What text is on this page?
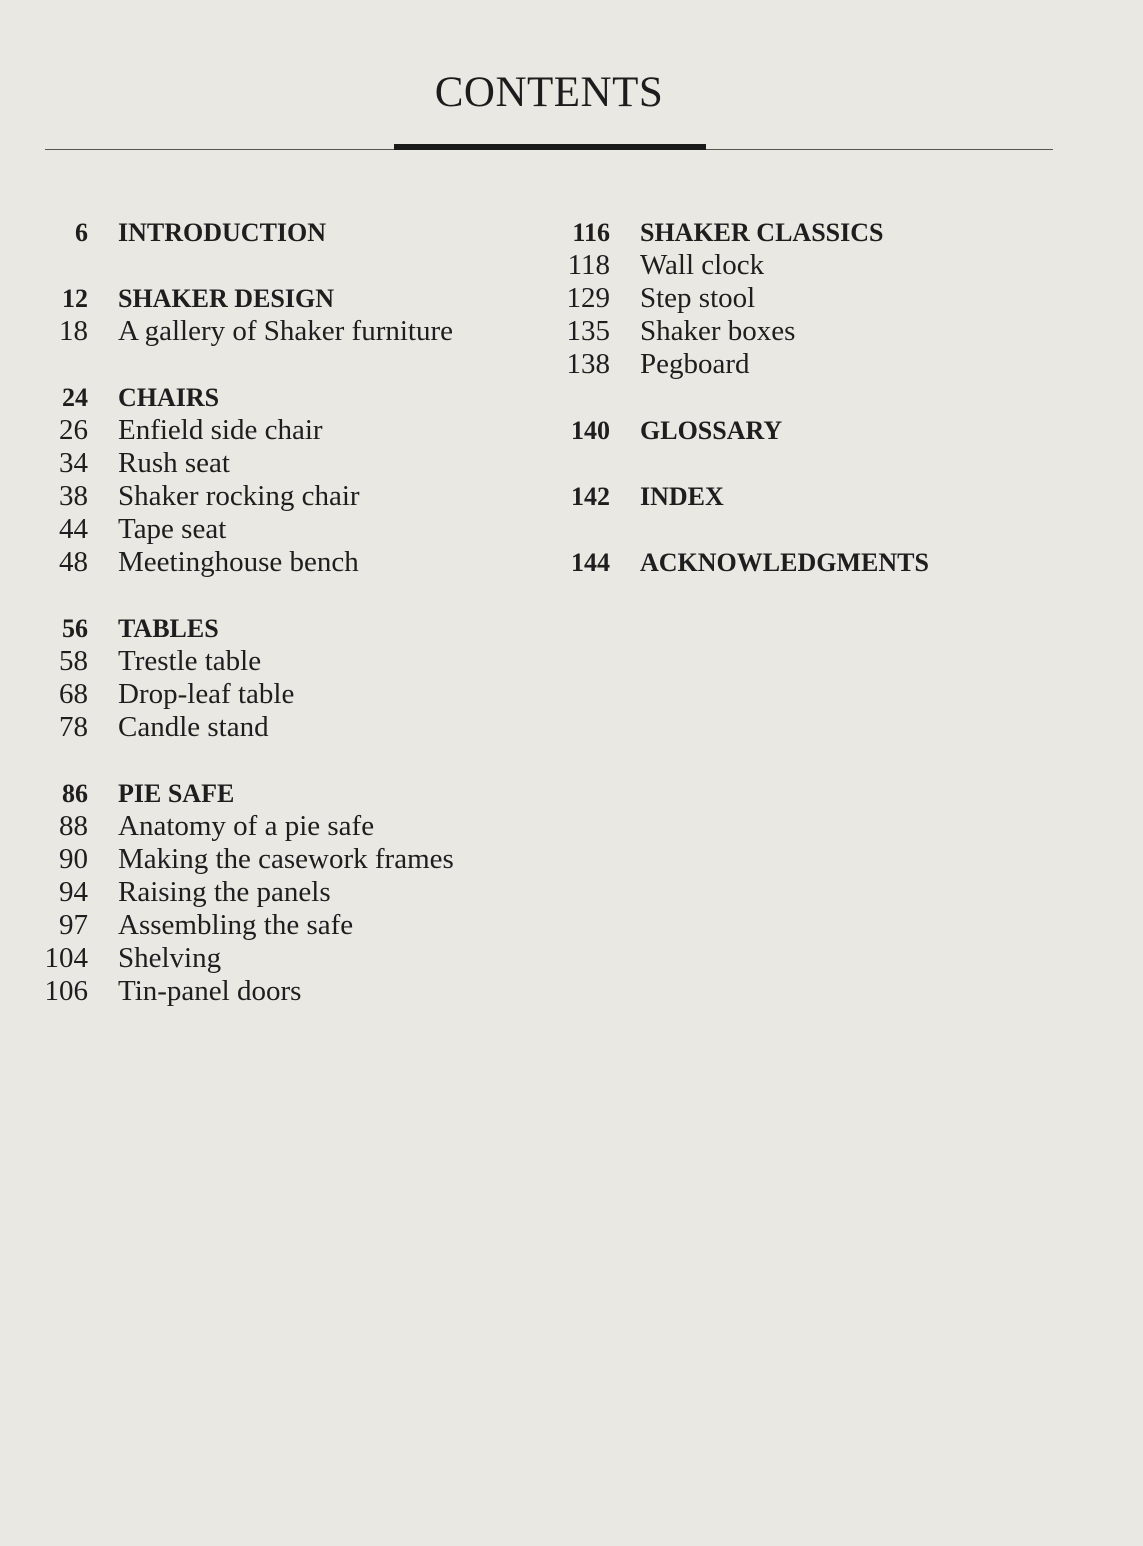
CONTENTS
6 INTRODUCTION
12 SHAKER DESIGN
18 A gallery of Shaker furniture
24 CHAIRS
26 Enfield side chair
34 Rush seat
38 Shaker rocking chair
44 Tape seat
48 Meetinghouse bench
56 TABLES
58 Trestle table
68 Drop-leaf table
78 Candle stand
86 PIE SAFE
88 Anatomy of a pie safe
90 Making the casework frames
94 Raising the panels
97 Assembling the safe
104 Shelving
106 Tin-panel doors
116 SHAKER CLASSICS
118 Wall clock
129 Step stool
135 Shaker boxes
138 Pegboard
140 GLOSSARY
142 INDEX
144 ACKNOWLEDGMENTS
